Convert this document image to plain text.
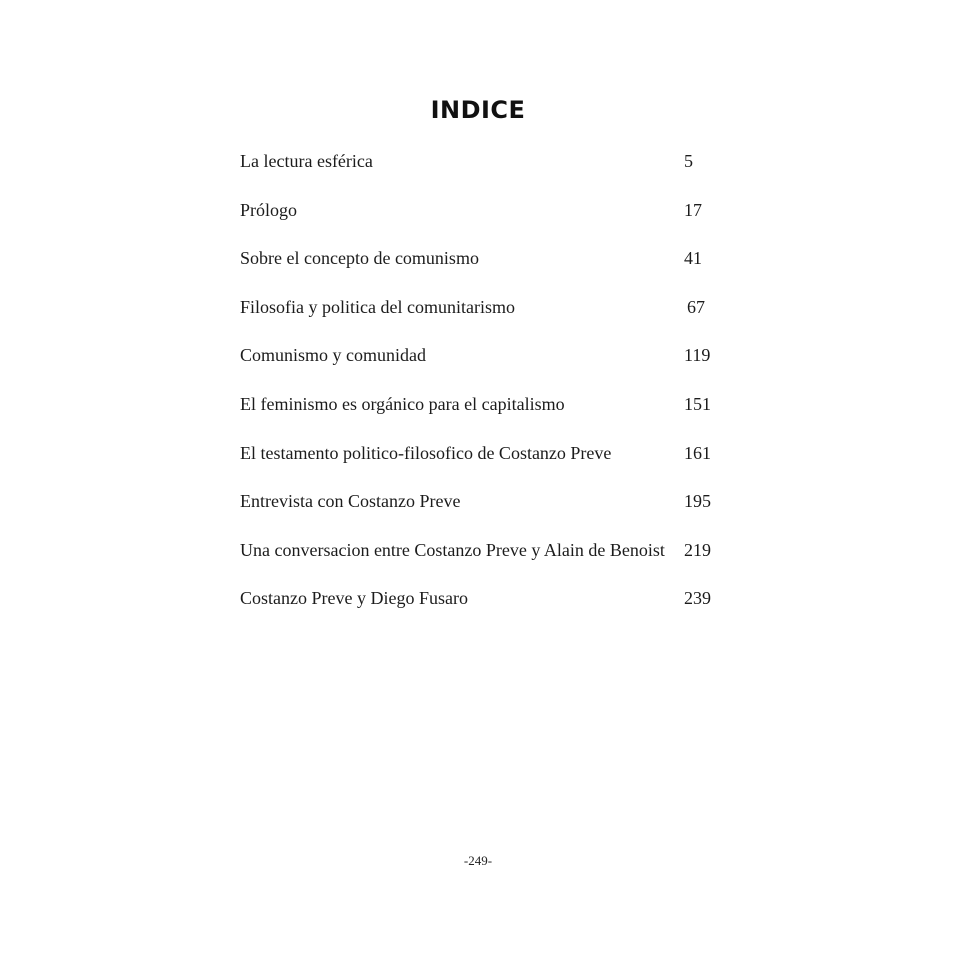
INDICE
La lectura esférica	5
Prólogo	17
Sobre el concepto de comunismo	41
Filosofia y politica del comunitarismo	67
Comunismo y comunidad	119
El feminismo es orgánico para el capitalismo	151
El testamento politico-filosofico de Costanzo Preve	161
Entrevista con Costanzo Preve	195
Una conversacion entre Costanzo Preve y Alain de Benoist 219
Costanzo Preve y Diego Fusaro	239
-249-
